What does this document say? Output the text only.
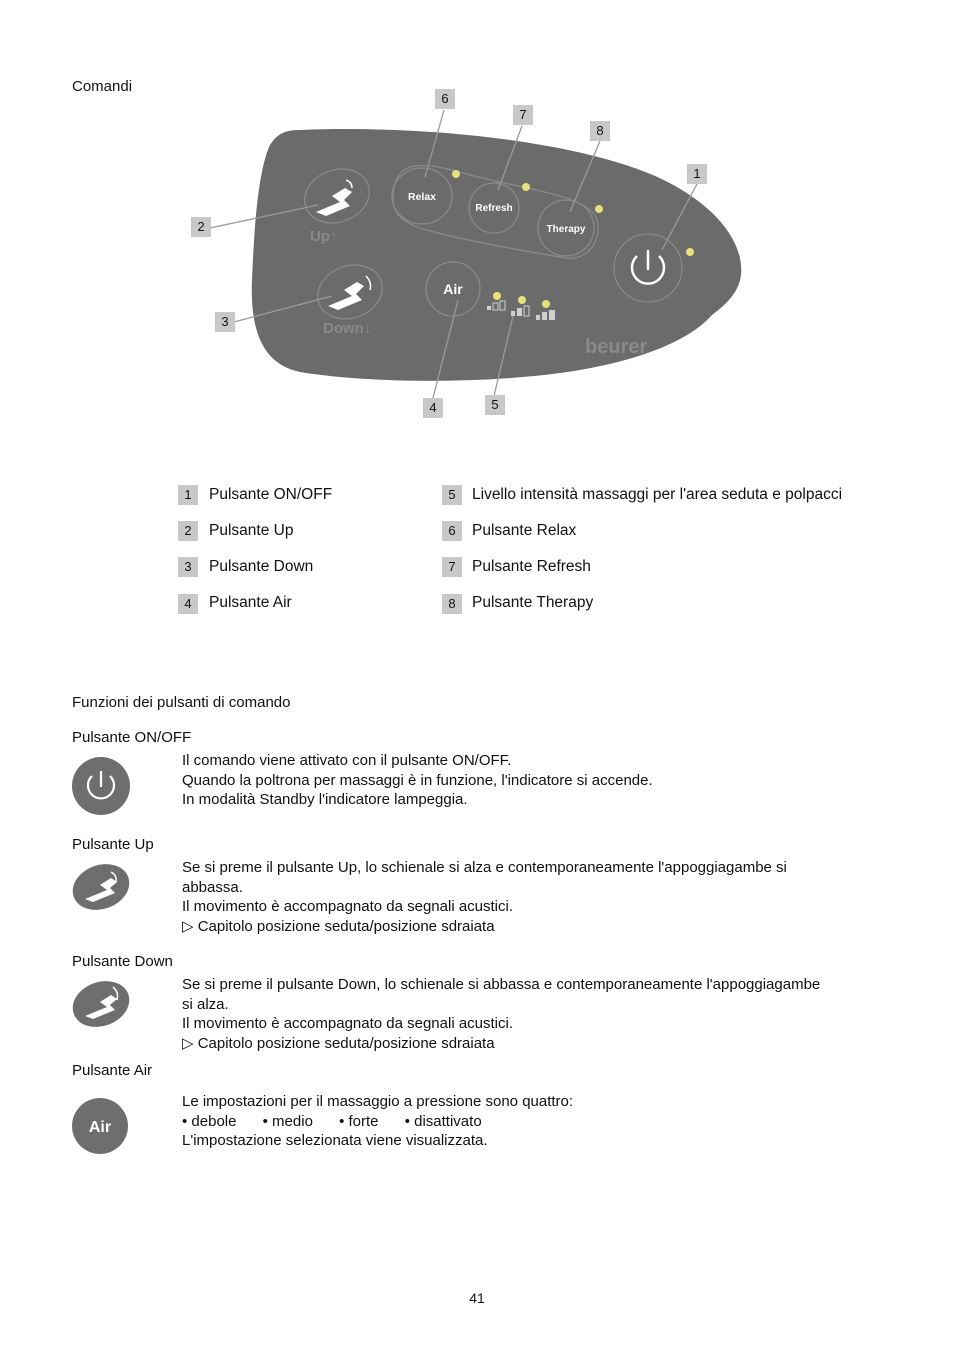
Comandi
Up↑
Down↓
Relax
Refresh
Therapy
Air
beurer
1
2
3
4	5
6
7
8
1	Pulsante ON/OFF
2	Pulsante Up
3	Pulsante Down
4	Pulsante Air
5	Livello intensità massaggi per l'area seduta e polpacci
6	Pulsante Relax
7	Pulsante Refresh
8	Pulsante Therapy
Funzioni dei pulsanti di comando
Pulsante ON/OFF
Il comando viene attivato con il pulsante ON/OFF.
Quando la poltrona per massaggi è in funzione, l'indicatore si accende.
In modalità Standby l'indicatore lampeggia.
Pulsante Up
Se si preme il pulsante Up, lo schienale si alza e contemporaneamente l'appoggiagambe si
abbassa.
Il movimento è accompagnato da segnali acustici.
▷ Capitolo posizione seduta/posizione sdraiata
Pulsante Down
Se si preme il pulsante Down, lo schienale si abbassa e contemporaneamente l'appoggiagambe
si alza.
Il movimento è accompagnato da segnali acustici.
▷ Capitolo posizione seduta/posizione sdraiata
Pulsante Air
Air
Le impostazioni per il massaggio a pressione sono quattro:
• debole • medio • forte • disattivato
L'impostazione selezionata viene visualizzata.
41
